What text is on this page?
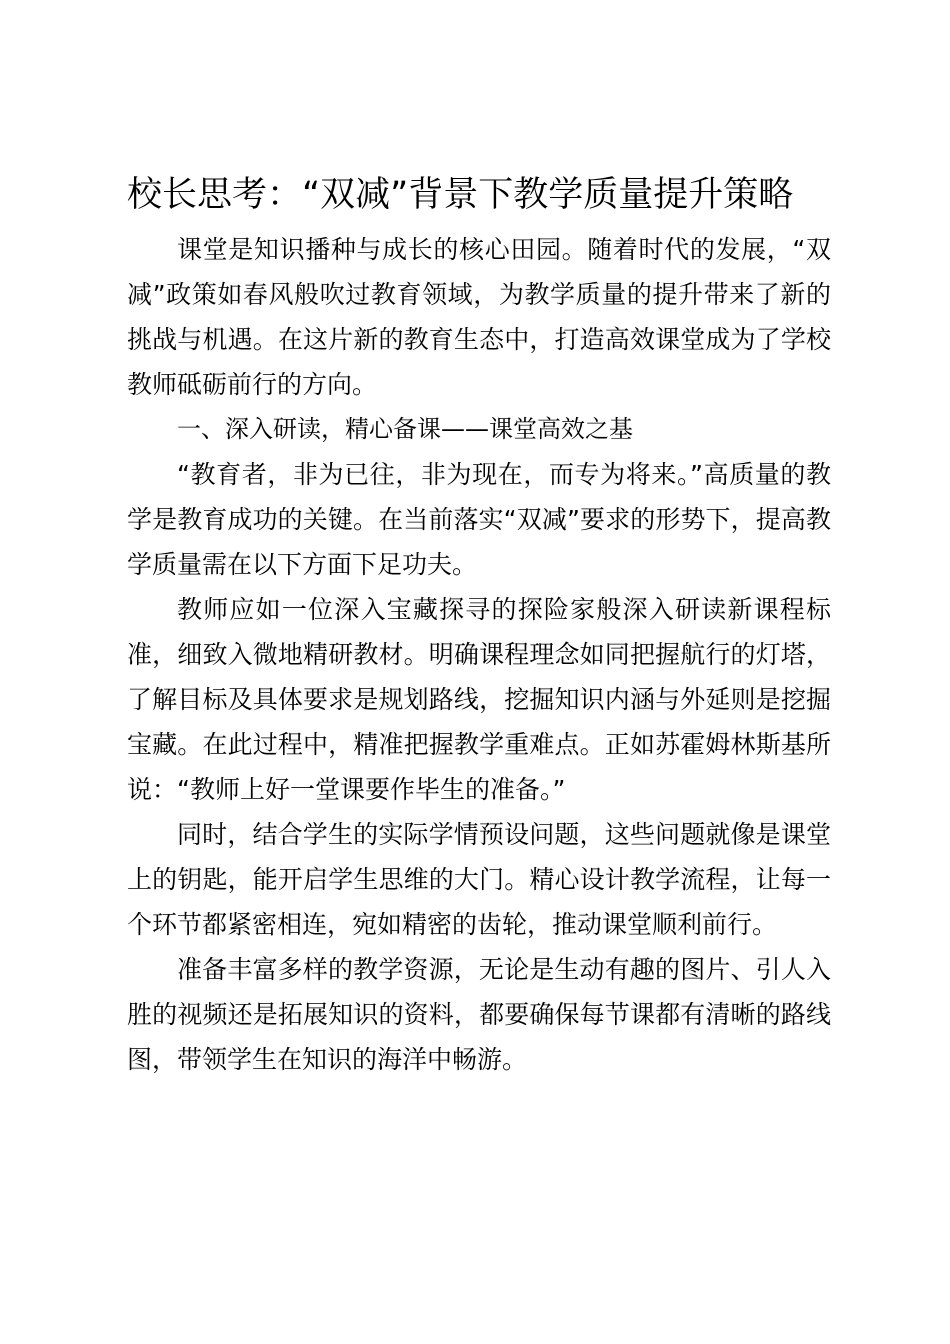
校长思考：“双减”背景下教学质量提升策略

课堂是知识播种与成长的核心田园。随着时代的发展，“双减”政策如春风般吹过教育领域，为教学质量的提升带来了新的挑战与机遇。在这片新的教育生态中，打造高效课堂成为了学校教师砥砺前行的方向。

一、深入研读，精心备课——课堂高效之基

“教育者，非为已往，非为现在，而专为将来。”高质量的教学是教育成功的关键。在当前落实“双减”要求的形势下，提高教学质量需在以下方面下足功夫。

教师应如一位深入宝藏探寻的探险家般深入研读新课程标准，细致入微地精研教材。明确课程理念如同把握航行的灯塔，了解目标及具体要求是规划路线，挖掘知识内涵与外延则是挖掘宝藏。在此过程中，精准把握教学重难点。正如苏霍姆林斯基所说：“教师上好一堂课要作毕生的准备。”

同时，结合学生的实际学情预设问题，这些问题就像是课堂上的钥匙，能开启学生思维的大门。精心设计教学流程，让每一个环节都紧密相连，宛如精密的齿轮，推动课堂顺利前行。

准备丰富多样的教学资源，无论是生动有趣的图片、引人入胜的视频还是拓展知识的资料，都要确保每节课都有清晰的路线图，带领学生在知识的海洋中畅游。
